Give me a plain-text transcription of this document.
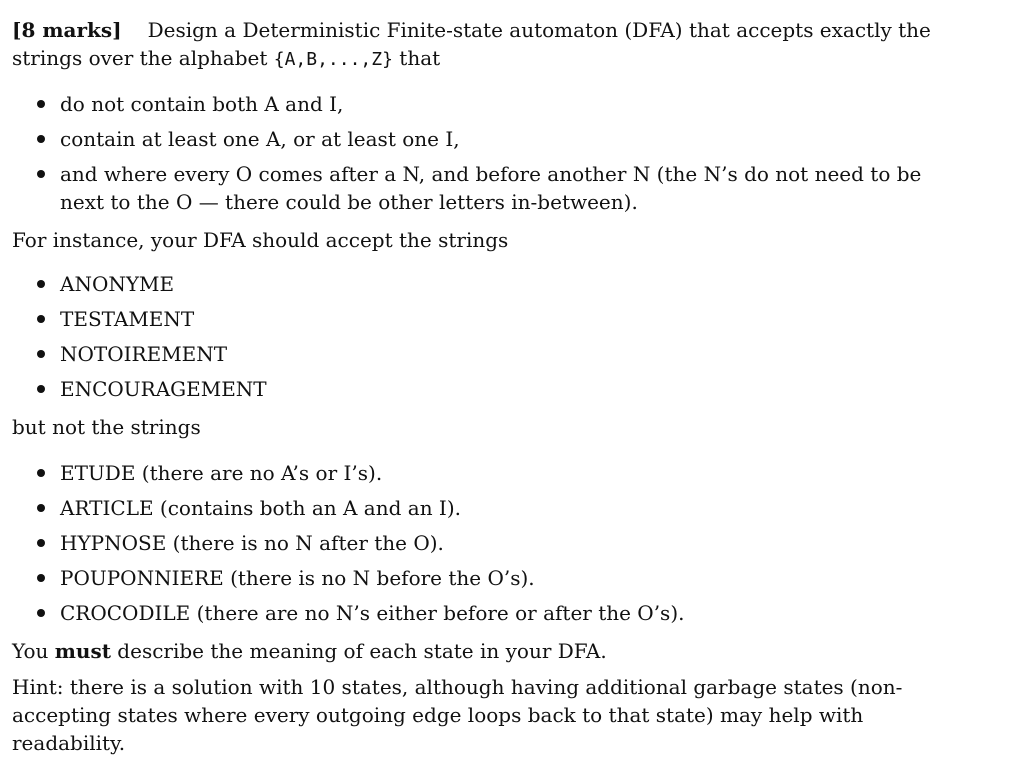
[8 marks] Design a Deterministic Finite-state automaton (DFA) that accepts exactly the strings over the alphabet {A,B,...,Z} that

do not contain both A and I,
contain at least one A, or at least one I,
and where every O comes after a N, and before another N (the N’s do not need to be next to the O — there could be other letters in-between).

For instance, your DFA should accept the strings

ANONYME
TESTAMENT
NOTOIREMENT
ENCOURAGEMENT

but not the strings

ETUDE (there are no A’s or I’s).
ARTICLE (contains both an A and an I).
HYPNOSE (there is no N after the O).
POUPONNIERE (there is no N before the O’s).
CROCODILE (there are no N’s either before or after the O’s).

You must describe the meaning of each state in your DFA.

Hint: there is a solution with 10 states, although having additional garbage states (non-accepting states where every outgoing edge loops back to that state) may help with readability.
